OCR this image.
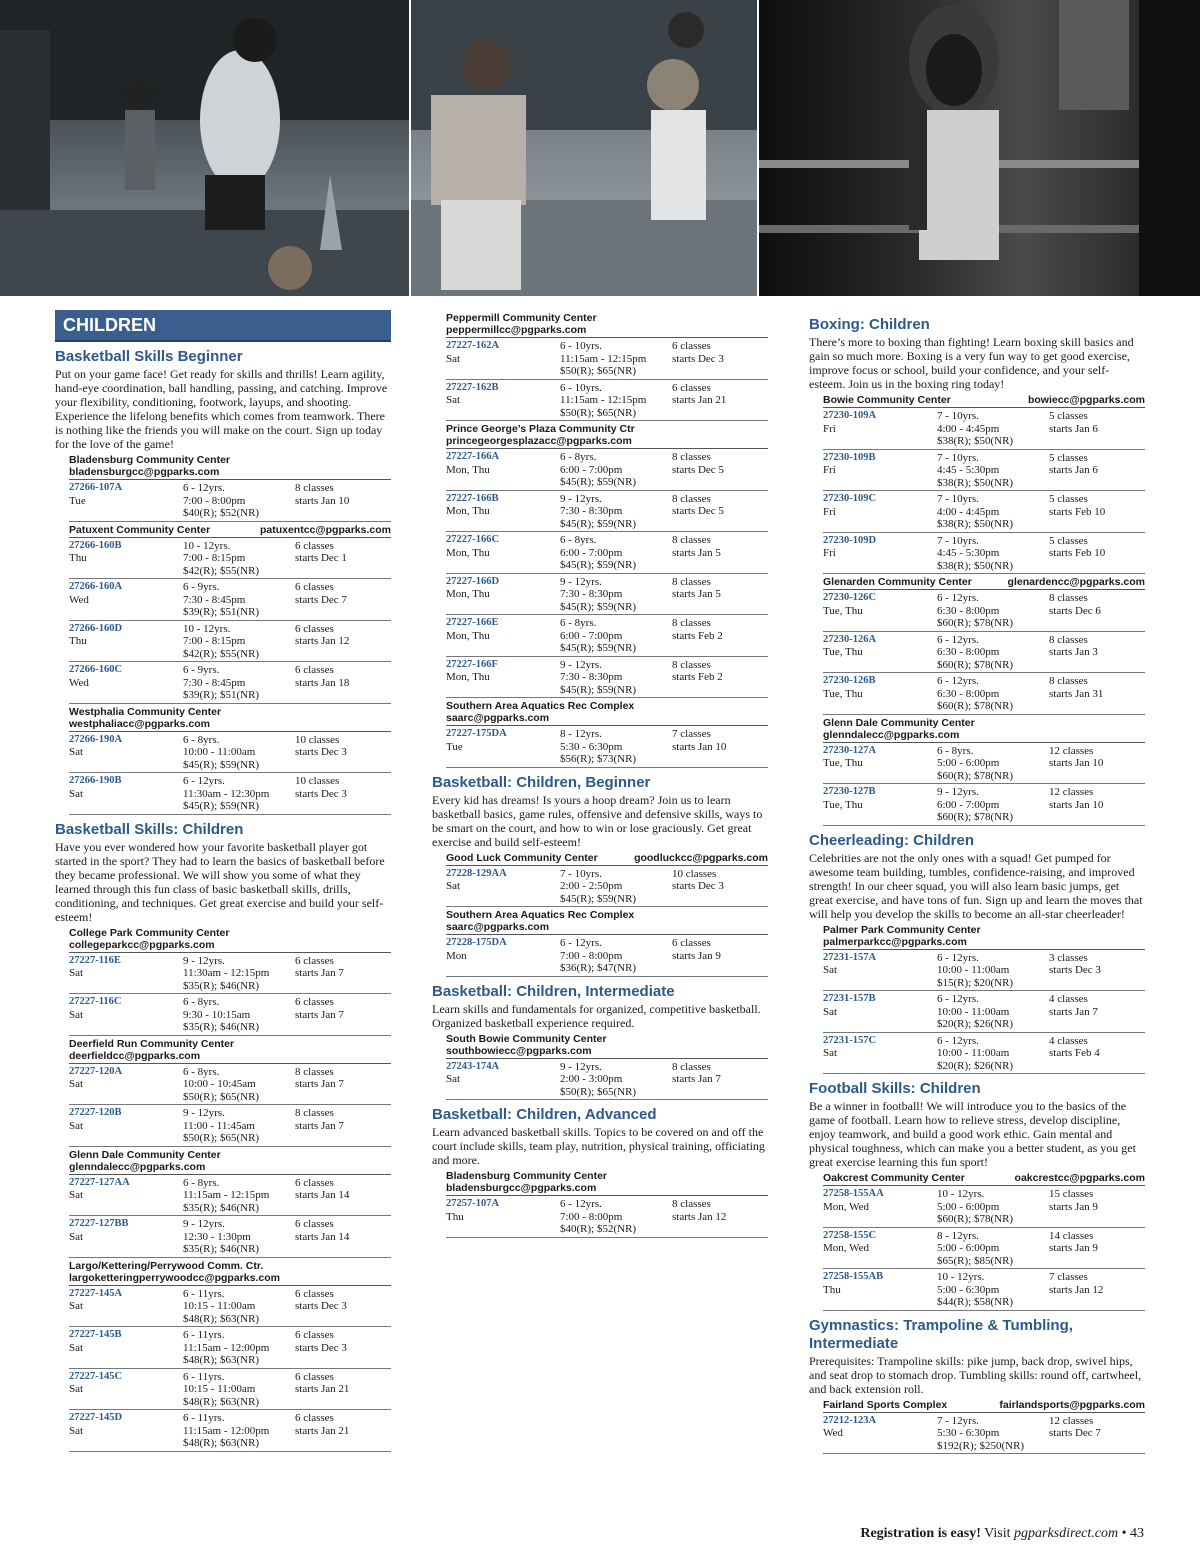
CHILDREN
Basketball Skills Beginner
Put on your game face! Get ready for skills and thrills! Learn agility, hand-eye coordination, ball handling, passing, and catching. Improve your flexibility, conditioning, footwork, layups, and shooting. Experience the lifelong benefits which comes from teamwork. There is nothing like the friends you will make on the court. Sign up today for the love of the game!
Bladensburg Community Center
bladensburgcc@pgparks.com
27266-107A	6 - 12yrs.	8 classes
Tue	7:00 - 8:00pm	starts Jan 10
$40(R); $52(NR)
Patuxent Community Center	patuxentcc@pgparks.com
27266-160B	10 - 12yrs.	6 classes
Thu	7:00 - 8:15pm	starts Dec 1
$42(R); $55(NR)
27266-160A	6 - 9yrs.	6 classes
Wed	7:30 - 8:45pm	starts Dec 7
$39(R); $51(NR)
27266-160D	10 - 12yrs.	6 classes
Thu	7:00 - 8:15pm	starts Jan 12
$42(R); $55(NR)
27266-160C	6 - 9yrs.	6 classes
Wed	7:30 - 8:45pm	starts Jan 18
$39(R); $51(NR)
Westphalia Community Center
westphaliacc@pgparks.com
27266-190A	6 - 8yrs.	10 classes
Sat	10:00 - 11:00am	starts Dec 3
$45(R); $59(NR)
27266-190B	6 - 12yrs.	10 classes
Sat	11:30am - 12:30pm	starts Dec 3
$45(R); $59(NR)
Basketball Skills: Children
Have you ever wondered how your favorite basketball player got started in the sport? They had to learn the basics of basketball before they became professional. We will show you some of what they learned through this fun class of basic basketball skills, drills, conditioning, and techniques. Get great exercise and build your self-esteem!
College Park Community Center
collegeparkcc@pgparks.com
27227-116E	9 - 12yrs.	6 classes
Sat	11:30am - 12:15pm	starts Jan 7
$35(R); $46(NR)
27227-116C	6 - 8yrs.	6 classes
Sat	9:30 - 10:15am	starts Jan 7
$35(R); $46(NR)
Deerfield Run Community Center
deerfieldcc@pgparks.com
27227-120A	6 - 8yrs.	8 classes
Sat	10:00 - 10:45am	starts Jan 7
$50(R); $65(NR)
27227-120B	9 - 12yrs.	8 classes
Sat	11:00 - 11:45am	starts Jan 7
$50(R); $65(NR)
Glenn Dale Community Center
glenndalecc@pgparks.com
27227-127AA	6 - 8yrs.	6 classes
Sat	11:15am - 12:15pm	starts Jan 14
$35(R); $46(NR)
27227-127BB	9 - 12yrs.	6 classes
Sat	12:30 - 1:30pm	starts Jan 14
$35(R); $46(NR)
Largo/Kettering/Perrywood Comm. Ctr.
largoketteringperrywoodcc@pgparks.com
27227-145A	6 - 11yrs.	6 classes
Sat	10:15 - 11:00am	starts Dec 3
$48(R); $63(NR)
27227-145B	6 - 11yrs.	6 classes
Sat	11:15am - 12:00pm	starts Dec 3
$48(R); $63(NR)
27227-145C	6 - 11yrs.	6 classes
Sat	10:15 - 11:00am	starts Jan 21
$48(R); $63(NR)
27227-145D	6 - 11yrs.	6 classes
Sat	11:15am - 12:00pm	starts Jan 21
$48(R); $63(NR)
Peppermill Community Center
peppermillcc@pgparks.com
27227-162A	6 - 10yrs.	6 classes
Sat	11:15am - 12:15pm	starts Dec 3
$50(R); $65(NR)
27227-162B	6 - 10yrs.	6 classes
Sat	11:15am - 12:15pm	starts Jan 21
$50(R); $65(NR)
Prince George’s Plaza Community Ctr
princegeorgesplazacc@pgparks.com
27227-166A	6 - 8yrs.	8 classes
Mon, Thu	6:00 - 7:00pm	starts Dec 5
$45(R); $59(NR)
27227-166B	9 - 12yrs.	8 classes
Mon, Thu	7:30 - 8:30pm	starts Dec 5
$45(R); $59(NR)
27227-166C	6 - 8yrs.	8 classes
Mon, Thu	6:00 - 7:00pm	starts Jan 5
$45(R); $59(NR)
27227-166D	9 - 12yrs.	8 classes
Mon, Thu	7:30 - 8:30pm	starts Jan 5
$45(R); $59(NR)
27227-166E	6 - 8yrs.	8 classes
Mon, Thu	6:00 - 7:00pm	starts Feb 2
$45(R); $59(NR)
27227-166F	9 - 12yrs.	8 classes
Mon, Thu	7:30 - 8:30pm	starts Feb 2
$45(R); $59(NR)
Southern Area Aquatics Rec Complex
saarc@pgparks.com
27227-175DA	8 - 12yrs.	7 classes
Tue	5:30 - 6:30pm	starts Jan 10
$56(R); $73(NR)
Basketball: Children, Beginner
Every kid has dreams! Is yours a hoop dream? Join us to learn basketball basics, game rules, offensive and defensive skills, ways to be smart on the court, and how to win or lose graciously. Get great exercise and build self-esteem!
Good Luck Community Center	goodluckcc@pgparks.com
27228-129AA	7 - 10yrs.	10 classes
Sat	2:00 - 2:50pm	starts Dec 3
$45(R); $59(NR)
Southern Area Aquatics Rec Complex
saarc@pgparks.com
27228-175DA	6 - 12yrs.	6 classes
Mon	7:00 - 8:00pm	starts Jan 9
$36(R); $47(NR)
Basketball: Children, Intermediate
Learn skills and fundamentals for organized, competitive basketball. Organized basketball experience required.
South Bowie Community Center
southbowiecc@pgparks.com
27243-174A	9 - 12yrs.	8 classes
Sat	2:00 - 3:00pm	starts Jan 7
$50(R); $65(NR)
Basketball: Children, Advanced
Learn advanced basketball skills. Topics to be covered on and off the court include skills, team play, nutrition, physical training, officiating and more.
Bladensburg Community Center
bladensburgcc@pgparks.com
27257-107A	6 - 12yrs.	8 classes
Thu	7:00 - 8:00pm	starts Jan 12
$40(R); $52(NR)
Boxing: Children
There’s more to boxing than fighting! Learn boxing skill basics and gain so much more. Boxing is a very fun way to get good exercise, improve focus or school, build your confidence, and your self-esteem. Join us in the boxing ring today!
Bowie Community Center	bowiecc@pgparks.com
27230-109A	7 - 10yrs.	5 classes
Fri	4:00 - 4:45pm	starts Jan 6
$38(R); $50(NR)
27230-109B	7 - 10yrs.	5 classes
Fri	4:45 - 5:30pm	starts Jan 6
$38(R); $50(NR)
27230-109C	7 - 10yrs.	5 classes
Fri	4:00 - 4:45pm	starts Feb 10
$38(R); $50(NR)
27230-109D	7 - 10yrs.	5 classes
Fri	4:45 - 5:30pm	starts Feb 10
$38(R); $50(NR)
Glenarden Community Center	glenardencc@pgparks.com
27230-126C	6 - 12yrs.	8 classes
Tue, Thu	6:30 - 8:00pm	starts Dec 6
$60(R); $78(NR)
27230-126A	6 - 12yrs.	8 classes
Tue, Thu	6:30 - 8:00pm	starts Jan 3
$60(R); $78(NR)
27230-126B	6 - 12yrs.	8 classes
Tue, Thu	6:30 - 8:00pm	starts Jan 31
$60(R); $78(NR)
Glenn Dale Community Center
glenndalecc@pgparks.com
27230-127A	6 - 8yrs.	12 classes
Tue, Thu	5:00 - 6:00pm	starts Jan 10
$60(R); $78(NR)
27230-127B	9 - 12yrs.	12 classes
Tue, Thu	6:00 - 7:00pm	starts Jan 10
$60(R); $78(NR)
Cheerleading: Children
Celebrities are not the only ones with a squad! Get pumped for awesome team building, tumbles, confidence-raising, and improved strength! In our cheer squad, you will also learn basic jumps, get great exercise, and have tons of fun. Sign up and learn the moves that will help you develop the skills to become an all-star cheerleader!
Palmer Park Community Center
palmerparkcc@pgparks.com
27231-157A	6 - 12yrs.	3 classes
Sat	10:00 - 11:00am	starts Dec 3
$15(R); $20(NR)
27231-157B	6 - 12yrs.	4 classes
Sat	10:00 - 11:00am	starts Jan 7
$20(R); $26(NR)
27231-157C	6 - 12yrs.	4 classes
Sat	10:00 - 11:00am	starts Feb 4
$20(R); $26(NR)
Football Skills: Children
Be a winner in football! We will introduce you to the basics of the game of football. Learn how to relieve stress, develop discipline, enjoy teamwork, and build a good work ethic. Gain mental and physical toughness, which can make you a better student, as you get great exercise learning this fun sport!
Oakcrest Community Center	oakcrestcc@pgparks.com
27258-155AA	10 - 12yrs.	15 classes
Mon, Wed	5:00 - 6:00pm	starts Jan 9
$60(R); $78(NR)
27258-155C	8 - 12yrs.	14 classes
Mon, Wed	5:00 - 6:00pm	starts Jan 9
$65(R); $85(NR)
27258-155AB	10 - 12yrs.	7 classes
Thu	5:00 - 6:30pm	starts Jan 12
$44(R); $58(NR)
Gymnastics: Trampoline & Tumbling, Intermediate
Prerequisites: Trampoline skills: pike jump, back drop, swivel hips, and seat drop to stomach drop. Tumbling skills: round off, cartwheel, and back extension roll.
Fairland Sports Complex	fairlandsports@pgparks.com
27212-123A	7 - 12yrs.	12 classes
Wed	5:30 - 6:30pm	starts Dec 7
$192(R); $250(NR)
Registration is easy! Visit pgparksdirect.com • 43
